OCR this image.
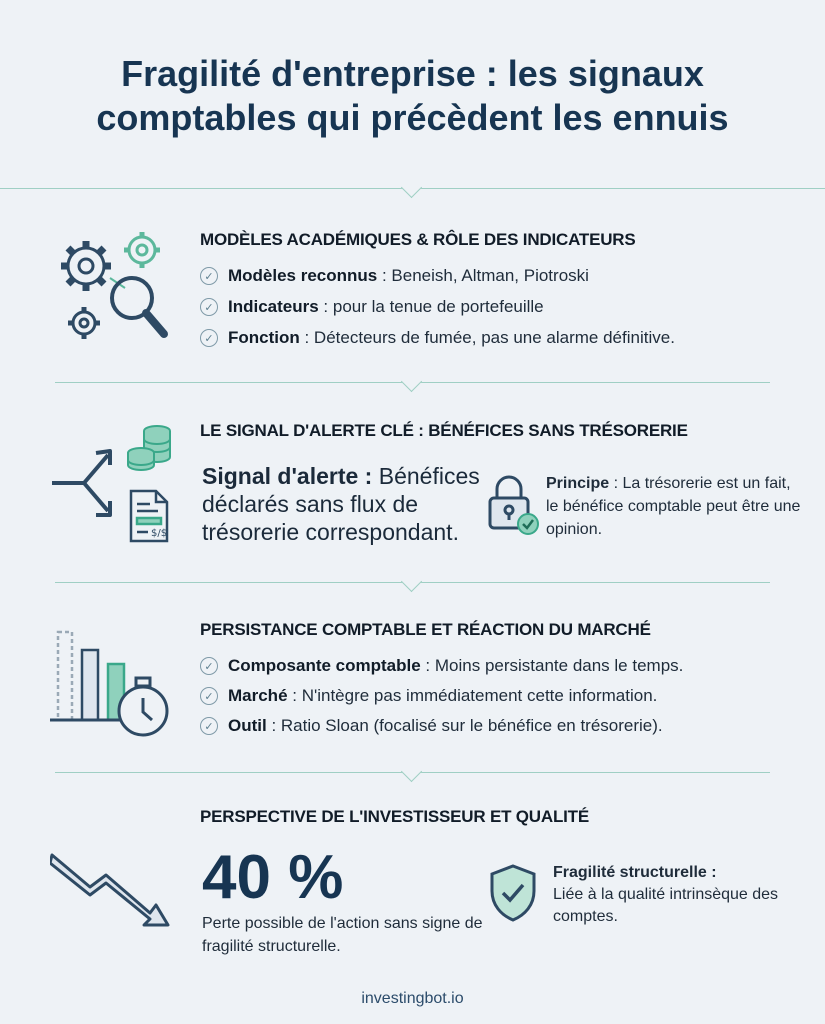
Fragilité d'entreprise : les signaux
comptables qui précèdent les ennuis
MODÈLES ACADÉMIQUES & RÔLE DES INDICATEURS
✓ Modèles reconnus : Beneish, Altman, Piotroski
✓ Indicateurs : pour la tenue de portefeuille
✓ Fonction : Détecteurs de fumée, pas une alarme définitive.
LE SIGNAL D'ALERTE CLÉ : BÉNÉFICES SANS TRÉSORERIE
$/$
Signal d'alerte : Bénéfices déclarés sans flux de trésorerie correspondant.
Principe : La trésorerie est un fait, le bénéfice comptable peut être une opinion.
PERSISTANCE COMPTABLE ET RÉACTION DU MARCHÉ
✓ Composante comptable : Moins persistante dans le temps.
✓ Marché : N'intègre pas immédiatement cette information.
✓ Outil : Ratio Sloan (focalisé sur le bénéfice en trésorerie).
PERSPECTIVE DE L'INVESTISSEUR ET QUALITÉ
40 %
Perte possible de l'action sans signe de fragilité structurelle.
Fragilité structurelle :
Liée à la qualité intrinsèque des comptes.
investingbot.io
